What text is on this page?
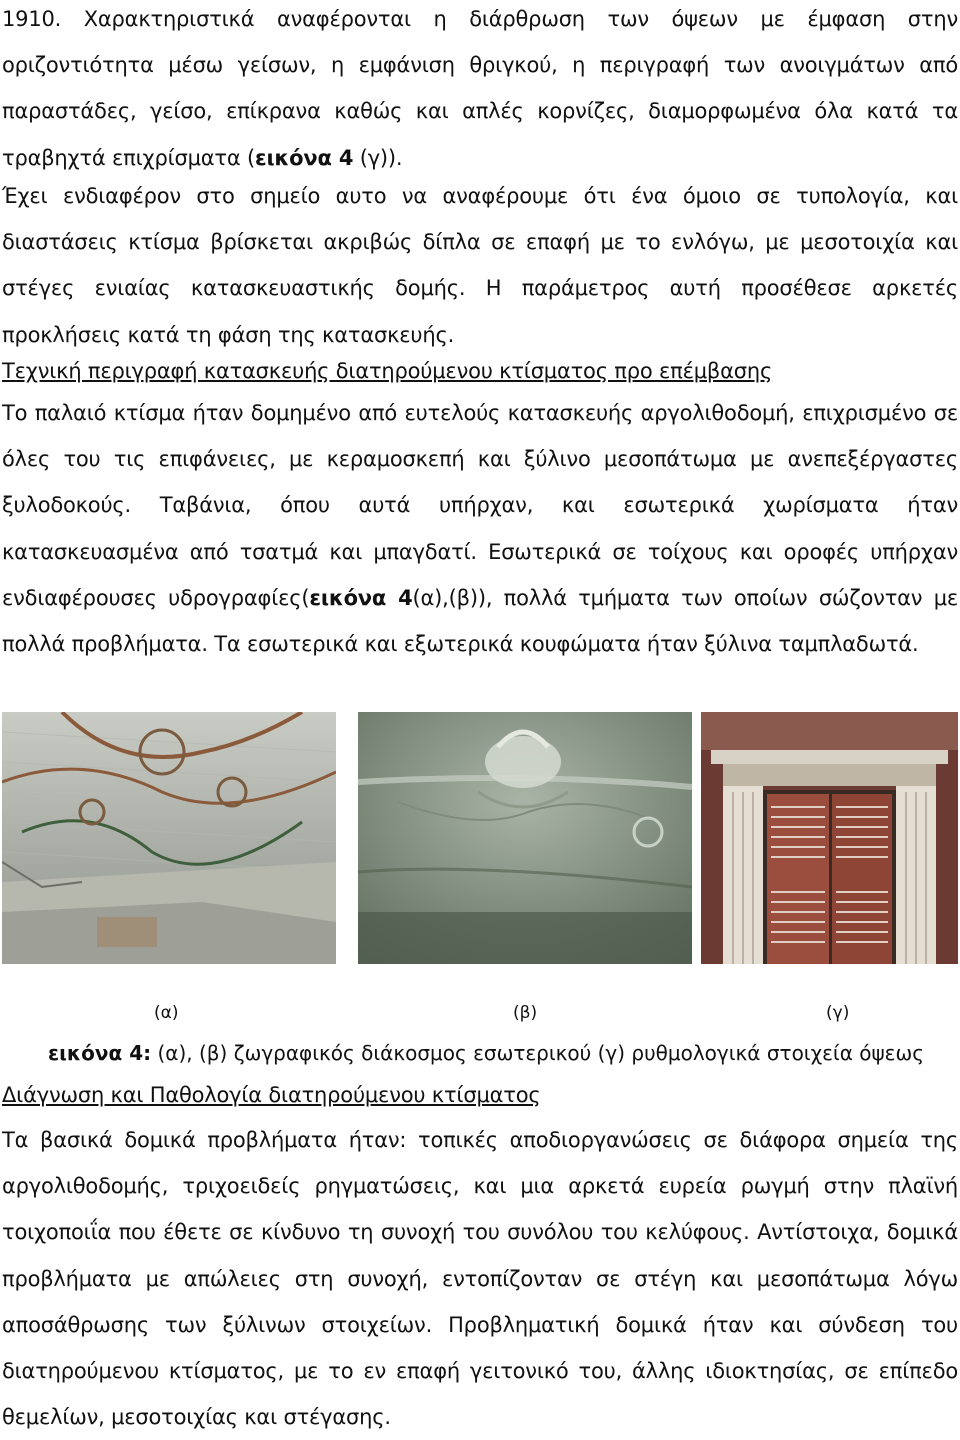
1910. Χαρακτηριστικά αναφέρονται η διάρθρωση των όψεων με έμφαση στην οριζοντιότητα μέσω γείσων, η εμφάνιση θριγκού, η περιγραφή των ανοιγμάτων από παραστάδες, γείσο, επίκρανα καθώς και απλές κορνίζες, διαμορφωμένα όλα κατά τα τραβηχτά επιχρίσματα (εικόνα 4 (γ)).
Έχει ενδιαφέρον στο σημείο αυτο να αναφέρουμε ότι ένα όμοιο σε τυπολογία, και διαστάσεις κτίσμα βρίσκεται ακριβώς δίπλα σε επαφή με το ενλόγω, με μεσοτοιχία και στέγες ενιαίας κατασκευαστικής δομής. Η παράμετρος αυτή προσέθεσε αρκετές προκλήσεις κατά τη φάση της κατασκευής.
Τεχνική περιγραφή κατασκευής διατηρούμενου κτίσματος προ επέμβασης
Το παλαιό κτίσμα ήταν δομημένο από ευτελούς κατασκευής αργολιθοδομή, επιχρισμένο σε όλες του τις επιφάνειες, με κεραμοσκεπή και ξύλινο μεσοπάτωμα με ανεπεξέργαστες ξυλοδοκούς. Ταβάνια, όπου αυτά υπήρχαν, και εσωτερικά χωρίσματα ήταν κατασκευασμένα από τσατμά και μπαγδατί. Εσωτερικά σε τοίχους και οροφές υπήρχαν ενδιαφέρουσες υδρογραφίες(εικόνα 4(α),(β)), πολλά τμήματα των οποίων σώζονταν με πολλά προβλήματα. Τα εσωτερικά και εξωτερικά κουφώματα ήταν ξύλινα ταμπλαδωτά.
(α)	(β)	(γ)
εικόνα 4: (α), (β) ζωγραφικός διάκοσμος εσωτερικού (γ) ρυθμολογικά στοιχεία όψεως
Διάγνωση και Παθολογία διατηρούμενου κτίσματος
Τα βασικά δομικά προβλήματα ήταν: τοπικές αποδιοργανώσεις σε διάφορα σημεία της αργολιθοδομής, τριχοειδείς ρηγματώσεις, και μια αρκετά ευρεία ρωγμή στην πλαϊνή τοιχοποιΐα που έθετε σε κίνδυνο τη συνοχή του συνόλου του κελύφους. Αντίστοιχα, δομικά προβλήματα με απώλειες στη συνοχή, εντοπίζονταν σε στέγη και μεσοπάτωμα λόγω αποσάθρωσης των ξύλινων στοιχείων. Προβληματική δομικά ήταν και σύνδεση του διατηρούμενου κτίσματος, με το εν επαφή γειτονικό του, άλλης ιδιοκτησίας, σε επίπεδο θεμελίων, μεσοτοιχίας και στέγασης.
